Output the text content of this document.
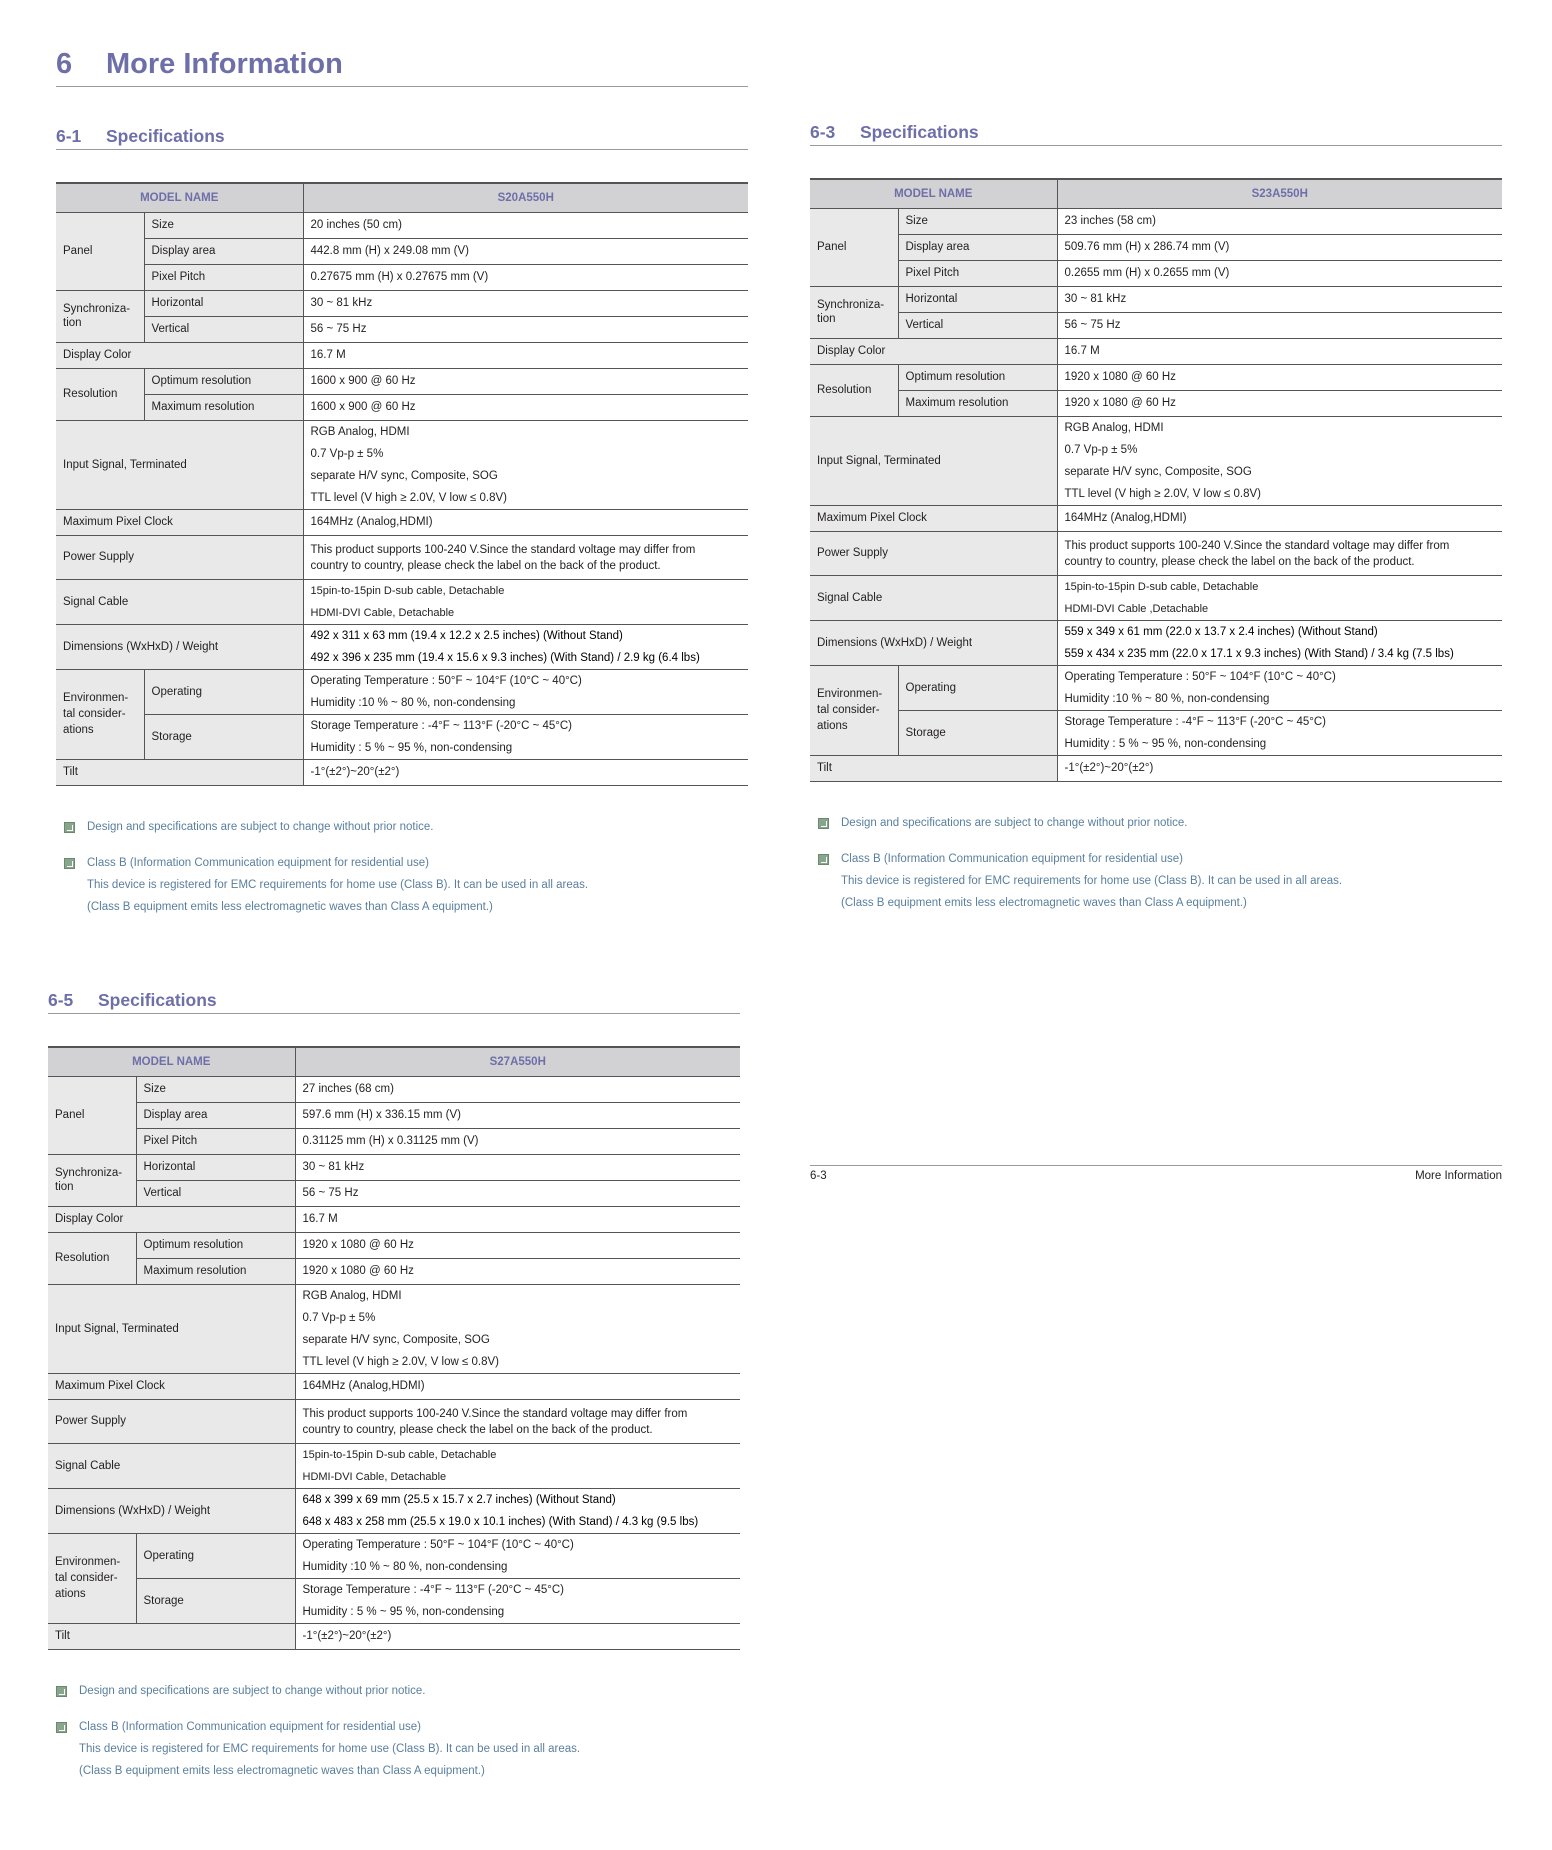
6 More Information
6-1 Specifications
MODEL NAME		S20A550H
Panel	Size	20 inches (50 cm)
	Display area	442.8 mm (H) x 249.08 mm (V)
	Pixel Pitch	0.27675 mm (H) x 0.27675 mm (V)

Synchroniza-
tion	Horizontal	30 ~ 81 kHz
	Vertical	56 ~ 75 Hz
Display Color		16.7 M
Resolution	Optimum resolution	1600 x 900 @ 60 Hz
	Maximum resolution	1600 x 900 @ 60 Hz
Input Signal, Terminated		RGB Analog, HDMI
0.7 Vp-p ± 5%
separate H/V sync, Composite, SOG
TTL level (V high ≥ 2.0V, V low ≤ 0.8V)

Maximum Pixel Clock		164MHz (Analog,HDMI)
Power Supply		This product supports 100-240 V.Since the standard voltage may differ from
country to country, please check the label on the back of the product.

Signal Cable		15pin-to-15pin D-sub cable, Detachable
HDMI-DVI Cable, Detachable

Dimensions (WxHxD) / Weight		492 x 311 x 63 mm (19.4 x 12.2 x 2.5 inches) (Without Stand)
492 x 396 x 235 mm (19.4 x 15.6 x 9.3 inches) (With Stand) / 2.9 kg (6.4 lbs)

Environmen-
tal consider-
ations	Operating	Operating Temperature : 50°F ~ 104°F (10°C ~ 40°C)
Humidity :10 % ~ 80 %, non-condensing

	Storage	Storage Temperature : -4°F ~ 113°F (-20°C ~ 45°C)
Humidity : 5 % ~ 95 %, non-condensing

Tilt		-1°(±2°)~20°(±2°)
Design and specifications are subject to change without prior notice.
Class B (Information Communication equipment for residential use)
This device is registered for EMC requirements for home use (Class B). It can be used in all areas.
(Class B equipment emits less electromagnetic waves than Class A equipment.)
6-3 Specifications
MODEL NAME		S23A550H
Panel	Size	23 inches (58 cm)
	Display area	509.76 mm (H) x 286.74 mm (V)
	Pixel Pitch	0.2655 mm (H) x 0.2655 mm (V)

Synchroniza-
tion	Horizontal	30 ~ 81 kHz
	Vertical	56 ~ 75 Hz
Display Color		16.7 M
Resolution	Optimum resolution	1920 x 1080 @ 60 Hz
	Maximum resolution	1920 x 1080 @ 60 Hz
Input Signal, Terminated		RGB Analog, HDMI
0.7 Vp-p ± 5%
separate H/V sync, Composite, SOG
TTL level (V high ≥ 2.0V, V low ≤ 0.8V)

Maximum Pixel Clock		164MHz (Analog,HDMI)
Power Supply		This product supports 100-240 V.Since the standard voltage may differ from
country to country, please check the label on the back of the product.

Signal Cable		15pin-to-15pin D-sub cable, Detachable
HDMI-DVI Cable ,Detachable

Dimensions (WxHxD) / Weight		559 x 349 x 61 mm (22.0 x 13.7 x 2.4 inches) (Without Stand)
559 x 434 x 235 mm (22.0 x 17.1 x 9.3 inches) (With Stand) / 3.4 kg (7.5 lbs)

Environmen-
tal consider-
ations	Operating	Operating Temperature : 50°F ~ 104°F (10°C ~ 40°C)
Humidity :10 % ~ 80 %, non-condensing

	Storage	Storage Temperature : -4°F ~ 113°F (-20°C ~ 45°C)
Humidity : 5 % ~ 95 %, non-condensing

Tilt		-1°(±2°)~20°(±2°)
Design and specifications are subject to change without prior notice.
Class B (Information Communication equipment for residential use)
This device is registered for EMC requirements for home use (Class B). It can be used in all areas.
(Class B equipment emits less electromagnetic waves than Class A equipment.)
6-5 Specifications
MODEL NAME		S27A550H
Panel	Size	27 inches (68 cm)
	Display area	597.6 mm (H) x 336.15 mm (V)
	Pixel Pitch	0.31125 mm (H) x 0.31125 mm (V)

Synchroniza-
tion	Horizontal	30 ~ 81 kHz
	Vertical	56 ~ 75 Hz
Display Color		16.7 M
Resolution	Optimum resolution	1920 x 1080 @ 60 Hz
	Maximum resolution	1920 x 1080 @ 60 Hz
Input Signal, Terminated		RGB Analog, HDMI
0.7 Vp-p ± 5%
separate H/V sync, Composite, SOG
TTL level (V high ≥ 2.0V, V low ≤ 0.8V)

Maximum Pixel Clock		164MHz (Analog,HDMI)
Power Supply		This product supports 100-240 V.Since the standard voltage may differ from
country to country, please check the label on the back of the product.

Signal Cable		15pin-to-15pin D-sub cable, Detachable
HDMI-DVI Cable, Detachable

Dimensions (WxHxD) / Weight		648 x 399 x 69 mm (25.5 x 15.7 x 2.7 inches) (Without Stand)
648 x 483 x 258 mm (25.5 x 19.0 x 10.1 inches) (With Stand) / 4.3 kg (9.5 lbs)

Environmen-
tal consider-
ations	Operating	Operating Temperature : 50°F ~ 104°F (10°C ~ 40°C)
Humidity :10 % ~ 80 %, non-condensing

	Storage	Storage Temperature : -4°F ~ 113°F (-20°C ~ 45°C)
Humidity : 5 % ~ 95 %, non-condensing

Tilt		-1°(±2°)~20°(±2°)
Design and specifications are subject to change without prior notice.
Class B (Information Communication equipment for residential use)
This device is registered for EMC requirements for home use (Class B). It can be used in all areas.
(Class B equipment emits less electromagnetic waves than Class A equipment.)
6-3	More Information
